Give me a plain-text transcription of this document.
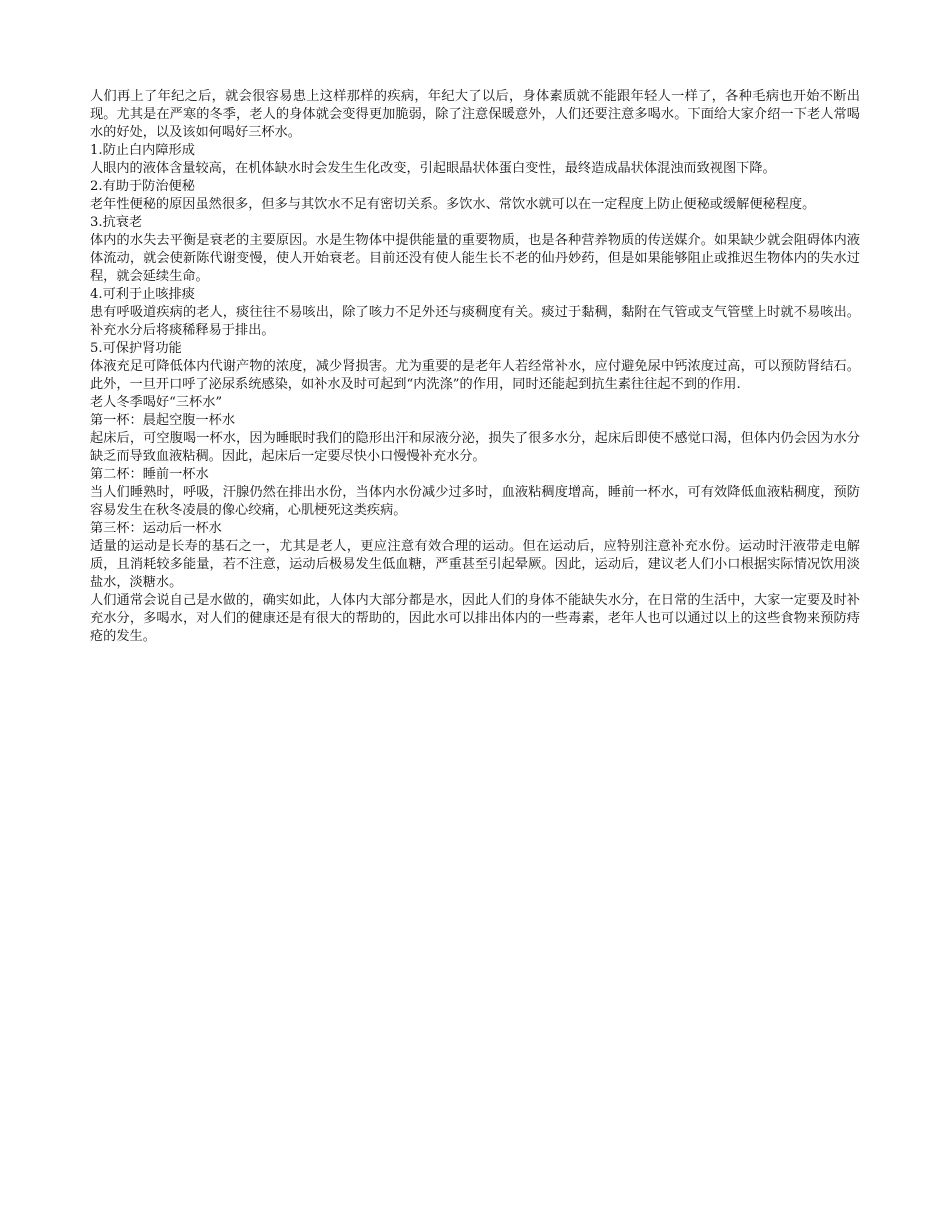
人们再上了年纪之后，就会很容易患上这样那样的疾病，年纪大了以后，身体素质就不能跟年轻人一样了，各种毛病也开始不断出现。尤其是在严寒的冬季，老人的身体就会变得更加脆弱，除了注意保暖意外，人们还要注意多喝水。下面给大家介绍一下老人常喝水的好处，以及该如何喝好三杯水。

1.防止白内障形成

人眼内的液体含量较高，在机体缺水时会发生生化改变，引起眼晶状体蛋白变性，最终造成晶状体混浊而致视图下降。

2.有助于防治便秘

老年性便秘的原因虽然很多，但多与其饮水不足有密切关系。多饮水、常饮水就可以在一定程度上防止便秘或缓解便秘程度。

3.抗衰老

体内的水失去平衡是衰老的主要原因。水是生物体中提供能量的重要物质，也是各种营养物质的传送媒介。如果缺少就会阻碍体内液体流动，就会使新陈代谢变慢，使人开始衰老。目前还没有使人能生长不老的仙丹妙药，但是如果能够阻止或推迟生物体内的失水过程，就会延续生命。

4.可利于止咳排痰

患有呼吸道疾病的老人，痰往往不易咳出，除了咳力不足外还与痰稠度有关。痰过于黏稠，黏附在气管或支气管壁上时就不易咳出。补充水分后将痰稀释易于排出。

5.可保护肾功能

体液充足可降低体内代谢产物的浓度，减少肾损害。尤为重要的是老年人若经常补水，应付避免尿中钙浓度过高，可以预防肾结石。此外，一旦开口呼了泌尿系统感染，如补水及时可起到“内洗涤”的作用，同时还能起到抗生素往往起不到的作用.

老人冬季喝好“三杯水”

第一杯：晨起空腹一杯水

起床后，可空腹喝一杯水，因为睡眠时我们的隐形出汗和尿液分泌，损失了很多水分，起床后即使不感觉口渴，但体内仍会因为水分缺乏而导致血液粘稠。因此，起床后一定要尽快小口慢慢补充水分。

第二杯：睡前一杯水

当人们睡熟时，呼吸，汗腺仍然在排出水份，当体内水份减少过多时，血液粘稠度增高，睡前一杯水，可有效降低血液粘稠度，预防容易发生在秋冬凌晨的像心绞痛，心肌梗死这类疾病。

第三杯：运动后一杯水

适量的运动是长寿的基石之一，尤其是老人，更应注意有效合理的运动。但在运动后，应特别注意补充水份。运动时汗液带走电解质，且消耗较多能量，若不注意，运动后极易发生低血糖，严重甚至引起晕厥。因此，运动后，建议老人们小口根据实际情况饮用淡盐水，淡糖水。

人们通常会说自己是水做的，确实如此，人体内大部分都是水，因此人们的身体不能缺失水分，在日常的生活中，大家一定要及时补充水分，多喝水，对人们的健康还是有很大的帮助的，因此水可以排出体内的一些毒素，老年人也可以通过以上的这些食物来预防痔疮的发生。
